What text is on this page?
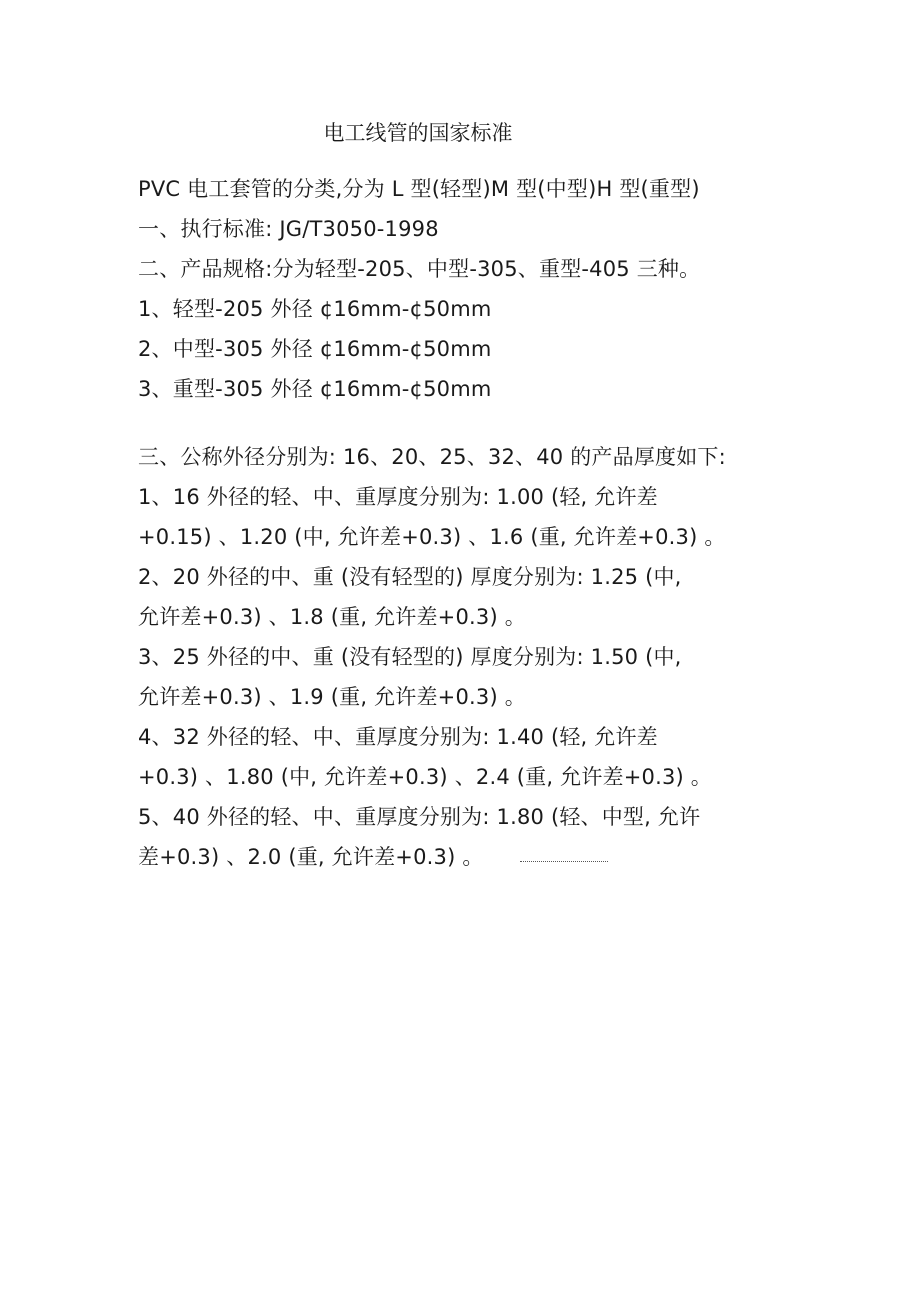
电工线管的国家标准
PVC 电工套管的分类,分为 L 型(轻型)M 型(中型)H 型(重型)
一、执行标准: JG/T3050-1998
二、产品规格:分为轻型-205、中型-305、重型-405 三种。
1、轻型-205 外径 ¢16mm-¢50mm
2、中型-305 外径 ¢16mm-¢50mm
3、重型-305 外径 ¢16mm-¢50mm
三、公称外径分别为: 16、20、25、32、40 的产品厚度如下:
1、16 外径的轻、中、重厚度分别为: 1.00 (轻, 允许差
+0.15) 、1.20 (中, 允许差+0.3) 、1.6 (重, 允许差+0.3) 。
2、20 外径的中、重 (没有轻型的) 厚度分别为: 1.25 (中,
允许差+0.3) 、1.8 (重, 允许差+0.3) 。
3、25 外径的中、重 (没有轻型的) 厚度分别为: 1.50 (中,
允许差+0.3) 、1.9 (重, 允许差+0.3) 。
4、32 外径的轻、中、重厚度分别为: 1.40 (轻, 允许差
+0.3) 、1.80 (中, 允许差+0.3) 、2.4 (重, 允许差+0.3) 。
5、40 外径的轻、中、重厚度分别为: 1.80 (轻、中型, 允许
差+0.3) 、2.0 (重, 允许差+0.3) 。
